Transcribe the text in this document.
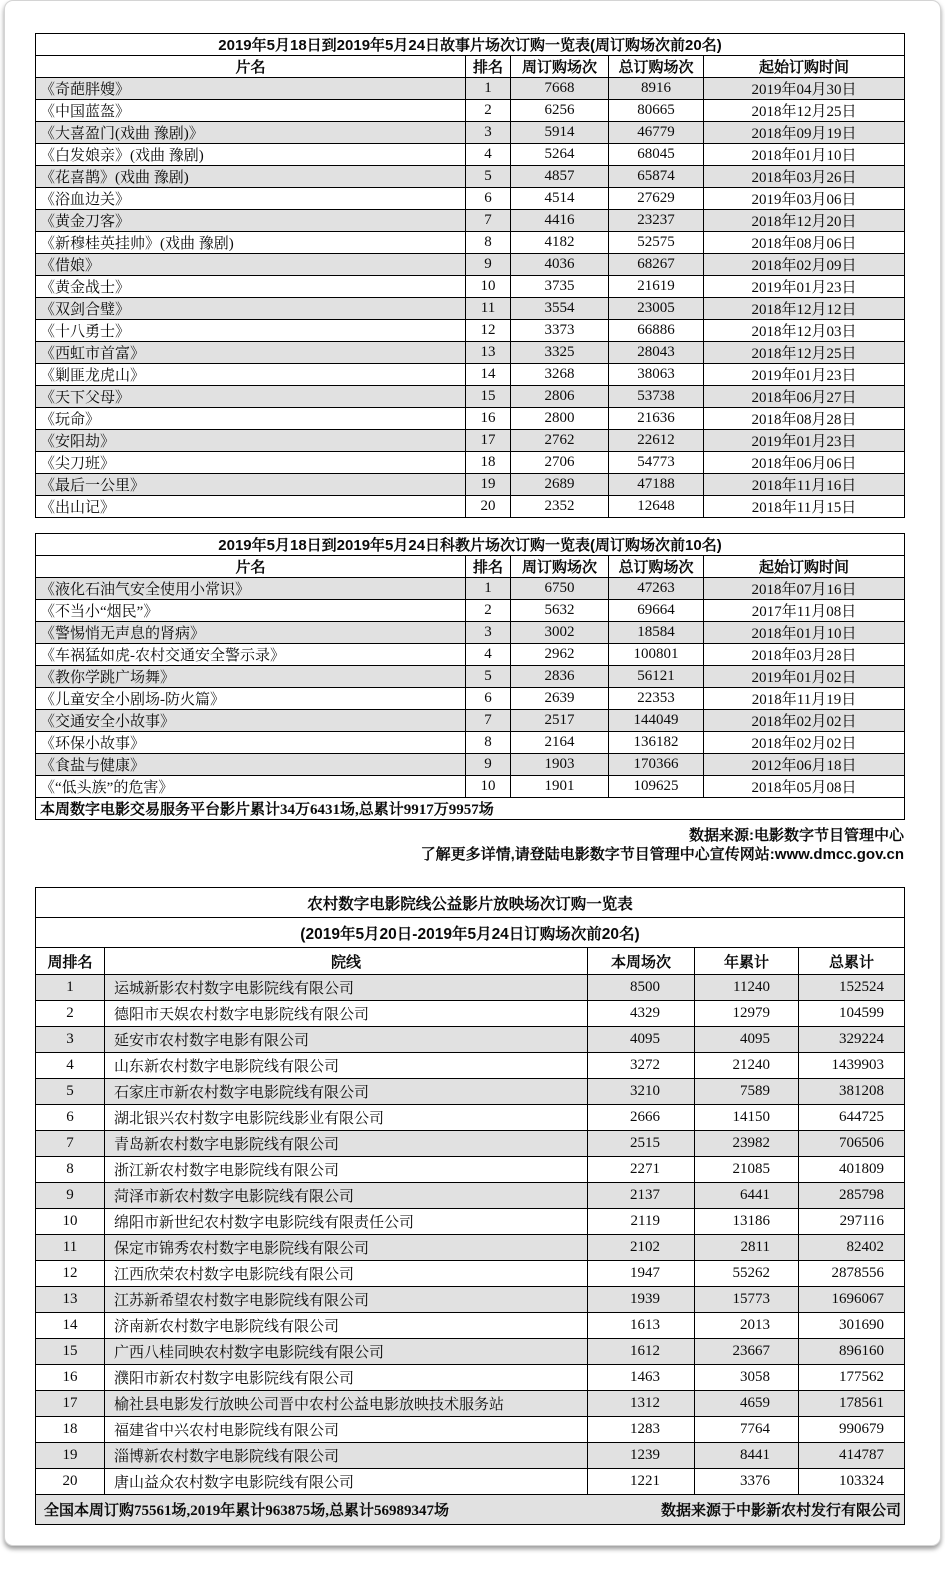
2019年5月18日到2019年5月24日故事片场次订购一览表(周订购场次前20名)				
片名	排名	周订购场次	总订购场次	起始订购时间
《奇葩胖嫂》	1	7668	8916	2019年04月30日
《中国蓝盔》	2	6256	80665	2018年12月25日
《大喜盈门(戏曲 豫剧)》	3	5914	46779	2018年09月19日
《白发娘亲》(戏曲 豫剧)	4	5264	68045	2018年01月10日
《花喜鹊》(戏曲 豫剧)	5	4857	65874	2018年03月26日
《浴血边关》	6	4514	27629	2019年03月06日
《黄金刀客》	7	4416	23237	2018年12月20日
《新穆桂英挂帅》(戏曲 豫剧)	8	4182	52575	2018年08月06日
《借娘》	9	4036	68267	2018年02月09日
《黄金战士》	10	3735	21619	2019年01月23日
《双剑合璧》	11	3554	23005	2018年12月12日
《十八勇士》	12	3373	66886	2018年12月03日
《西虹市首富》	13	3325	28043	2018年12月25日
《剿匪龙虎山》	14	3268	38063	2019年01月23日
《天下父母》	15	2806	53738	2018年06月27日
《玩命》	16	2800	21636	2018年08月28日
《安阳劫》	17	2762	22612	2019年01月23日
《尖刀班》	18	2706	54773	2018年06月06日
《最后一公里》	19	2689	47188	2018年11月16日
《出山记》	20	2352	12648	2018年11月15日
2019年5月18日到2019年5月24日科教片场次订购一览表(周订购场次前10名)				
片名	排名	周订购场次	总订购场次	起始订购时间
《液化石油气安全使用小常识》	1	6750	47263	2018年07月16日
《不当小“烟民”》	2	5632	69664	2017年11月08日
《警惕悄无声息的肾病》	3	3002	18584	2018年01月10日
《车祸猛如虎-农村交通安全警示录》	4	2962	100801	2018年03月28日
《教你学跳广场舞》	5	2836	56121	2019年01月02日
《儿童安全小剧场-防火篇》	6	2639	22353	2018年11月19日
《交通安全小故事》	7	2517	144049	2018年02月02日
《环保小故事》	8	2164	136182	2018年02月02日
《食盐与健康》	9	1903	170366	2012年06月18日
《“低头族”的危害》	10	1901	109625	2018年05月08日
本周数字电影交易服务平台影片累计34万6431场,总累计9917万9957场				
数据来源:电影数字节目管理中心
了解更多详情,请登陆电影数字节目管理中心宣传网站:www.dmcc.gov.cn
农村数字电影院线公益影片放映场次订购一览表				
(2019年5月20日-2019年5月24日订购场次前20名)				
周排名	院线	本周场次	年累计	总累计
1	运城新影农村数字电影院线有限公司	8500	11240	152524
2	德阳市天娱农村数字电影院线有限公司	4329	12979	104599
3	延安市农村数字电影有限公司	4095	4095	329224
4	山东新农村数字电影院线有限公司	3272	21240	1439903
5	石家庄市新农村数字电影院线有限公司	3210	7589	381208
6	湖北银兴农村数字电影院线影业有限公司	2666	14150	644725
7	青岛新农村数字电影院线有限公司	2515	23982	706506
8	浙江新农村数字电影院线有限公司	2271	21085	401809
9	菏泽市新农村数字电影院线有限公司	2137	6441	285798
10	绵阳市新世纪农村数字电影院线有限责任公司	2119	13186	297116
11	保定市锦秀农村数字电影院线有限公司	2102	2811	82402
12	江西欣荣农村数字电影院线有限公司	1947	55262	2878556
13	江苏新希望农村数字电影院线有限公司	1939	15773	1696067
14	济南新农村数字电影院线有限公司	1613	2013	301690
15	广西八桂同映农村数字电影院线有限公司	1612	23667	896160
16	濮阳市新农村数字电影院线有限公司	1463	3058	177562
17	榆社县电影发行放映公司晋中农村公益电影放映技术服务站	1312	4659	178561
18	福建省中兴农村电影院线有限公司	1283	7764	990679
19	淄博新农村数字电影院线有限公司	1239	8441	414787
20	唐山益众农村数字电影院线有限公司	1221	3376	103324

全国本周订购75561场,2019年累计963875场,总累计56989347场 数据来源于中影新农村发行有限公司				
